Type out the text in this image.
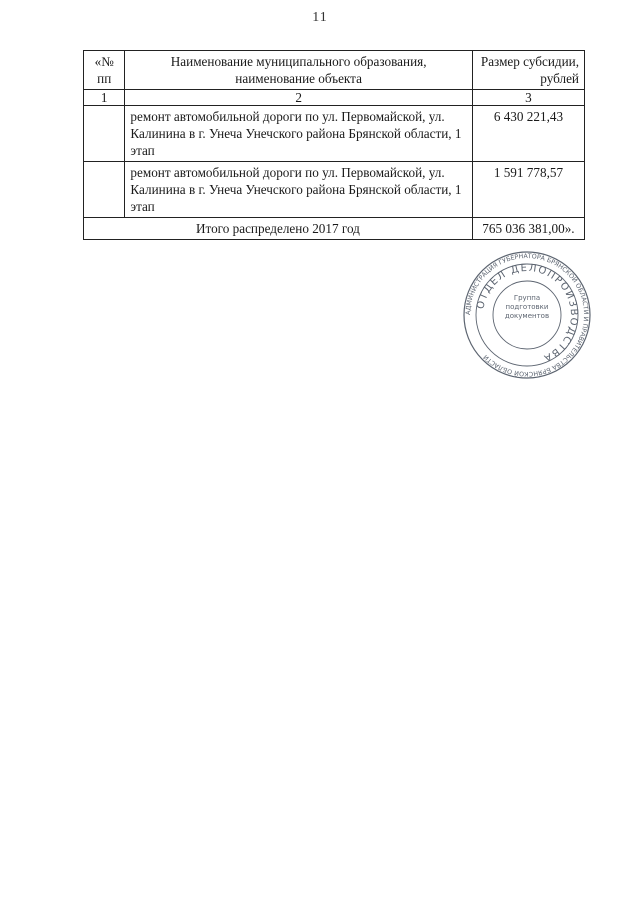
11
«№ пп	Наименование муниципального образования, наименование объекта	Размер субсидии, рублей
1	2	3
	ремонт автомобильной дороги по ул. Первомайской, ул. Калинина в г. Унеча Унечского района Брянской области, 1 этап	6 430 221,43
	ремонт автомобильной дороги по ул. Первомайской, ул. Калинина в г. Унеча Унечского района Брянской области, 1 этап	1 591 778,57
Итого распределено 2017 год		765 036 381,00».
АДМИНИСТРАЦИЯ ГУБЕРНАТОРА БРЯНСКОЙ ОБЛАСТИ И ПРАВИТЕЛЬСТВА БРЯНСКОЙ ОБЛАСТИ
ОТДЕЛ ДЕЛОПРОИЗВОДСТВА
Группа подготовки документов
